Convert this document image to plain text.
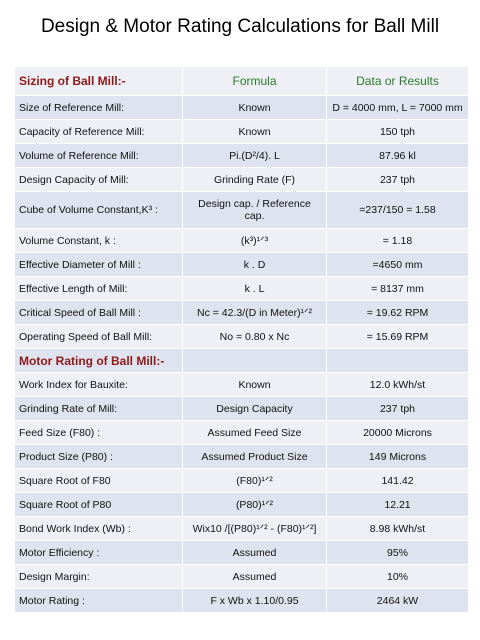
Design & Motor Rating Calculations for Ball Mill
Sizing of Ball Mill:-	Formula	Data or Results
Size of Reference Mill:	Known	D = 4000 mm, L = 7000 mm
Capacity of Reference Mill:	Known	150 tph
Volume of Reference Mill:	Pi.(D²/4). L	87.96 kl
Design Capacity of Mill:	Grinding Rate (F)	237 tph
Cube of Volume Constant,K³ :	Design cap. / Reference cap.	=237/150 = 1.58
Volume Constant, k :	(k³)¹ᐟ³	= 1.18
Effective Diameter of Mill :	k . D	=4650 mm
Effective Length of Mill:	k . L	= 8137 mm
Critical Speed of Ball Mill :	Nc = 42.3/(D in Meter)¹ᐟ²	= 19.62 RPM
Operating Speed of Ball Mill:	No = 0.80 x Nc	= 15.69 RPM
Motor Rating of Ball Mill:-		
Work Index for Bauxite:	Known	12.0 kWh/st
Grinding Rate of Mill:	Design Capacity	237 tph
Feed Size (F80) :	Assumed Feed Size	20000 Microns
Product Size (P80) :	Assumed Product Size	149 Microns
Square Root of F80	(F80)¹ᐟ²	141.42
Square Root of P80	(P80)¹ᐟ²	12.21
Bond Work Index (Wb) :	Wix10 /[(P80)¹ᐟ² - (F80)¹ᐟ²]	8.98 kWh/st
Motor Efficiency :	Assumed	95%
Design Margin:	Assumed	10%
Motor Rating :	F x Wb x 1.10/0.95	2464 kW
